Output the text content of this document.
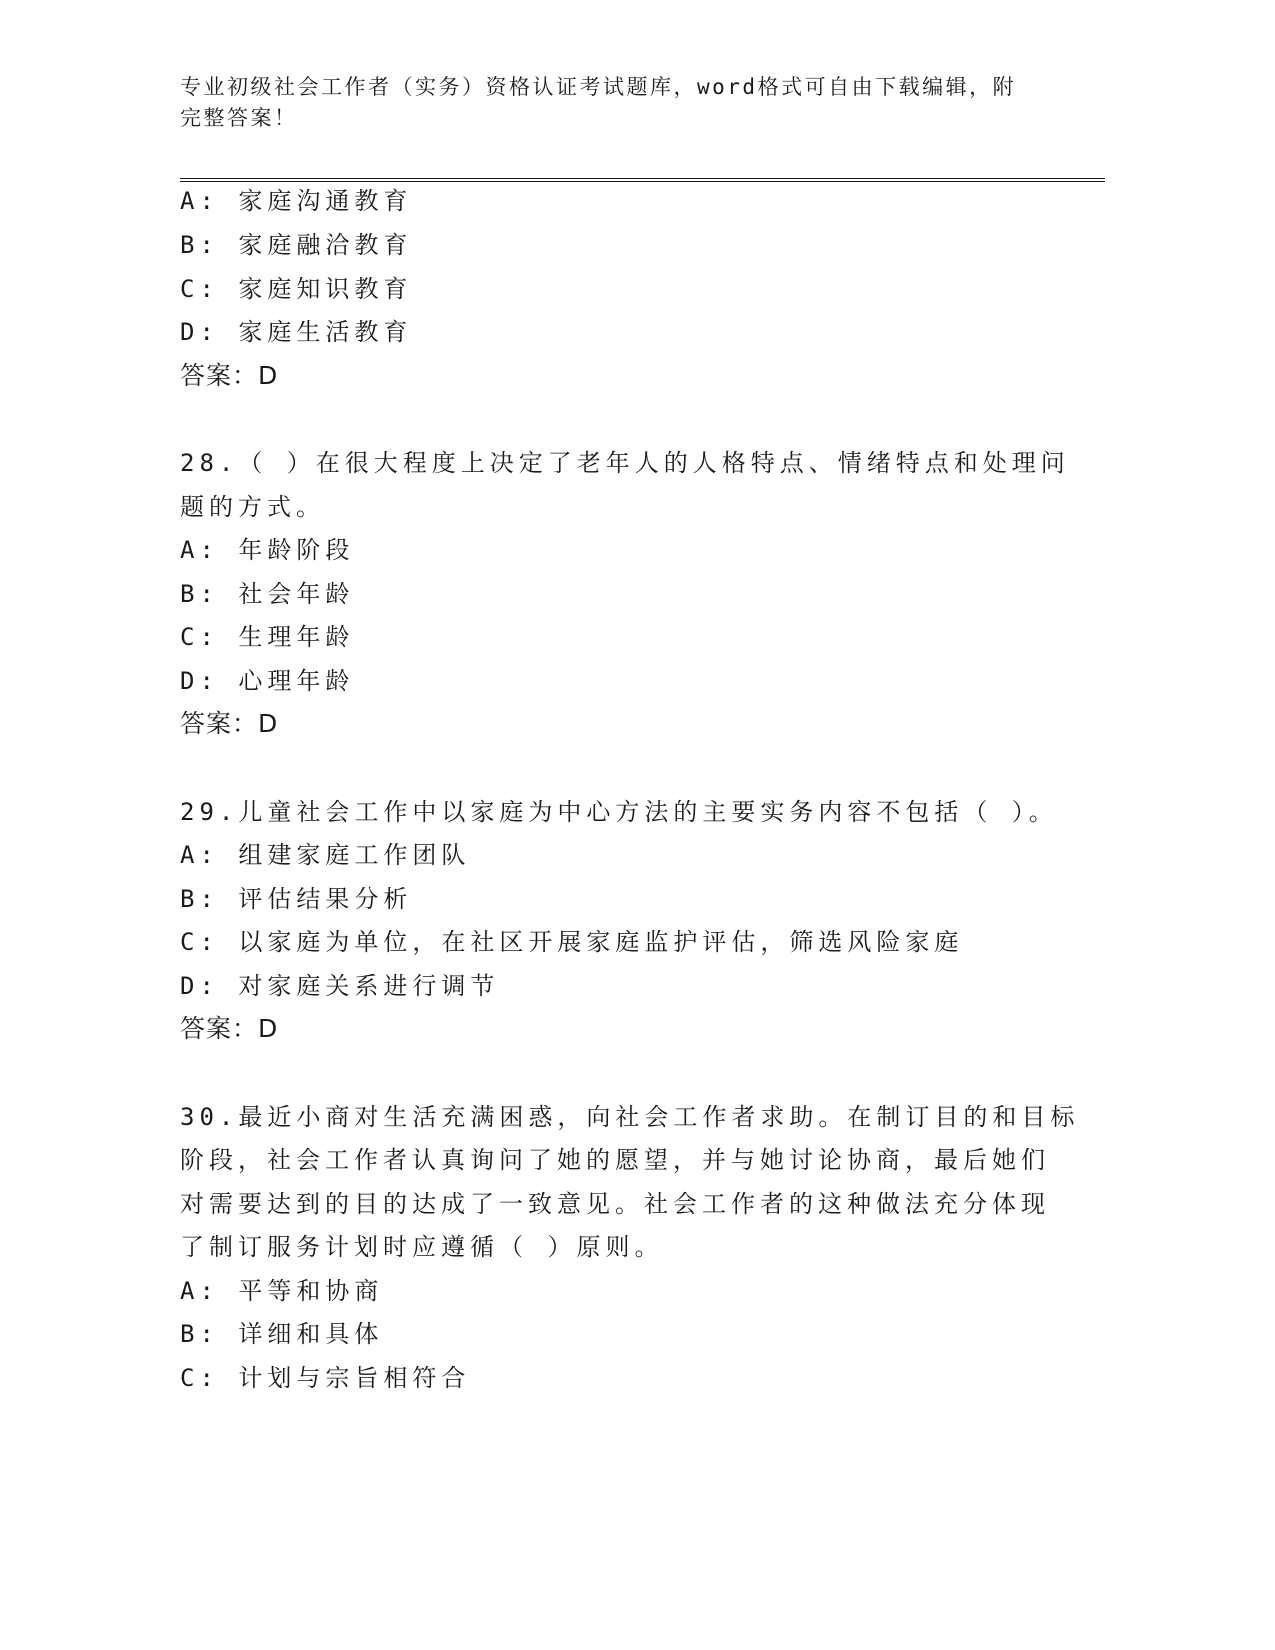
专业初级社会工作者（实务）资格认证考试题库，word格式可自由下载编辑，附
完整答案！
A: 家庭沟通教育
B: 家庭融洽教育
C: 家庭知识教育
D: 家庭生活教育
答案：D
28.（ ）在很大程度上决定了老年人的人格特点、情绪特点和处理问
题的方式。
A: 年龄阶段
B: 社会年龄
C: 生理年龄
D: 心理年龄
答案：D
29.儿童社会工作中以家庭为中心方法的主要实务内容不包括（ ）。
A: 组建家庭工作团队
B: 评估结果分析
C: 以家庭为单位，在社区开展家庭监护评估，筛选风险家庭
D: 对家庭关系进行调节
答案：D
30.最近小商对生活充满困惑，向社会工作者求助。在制订目的和目标
阶段，社会工作者认真询问了她的愿望，并与她讨论协商，最后她们
对需要达到的目的达成了一致意见。社会工作者的这种做法充分体现
了制订服务计划时应遵循（ ）原则。
A: 平等和协商
B: 详细和具体
C: 计划与宗旨相符合
